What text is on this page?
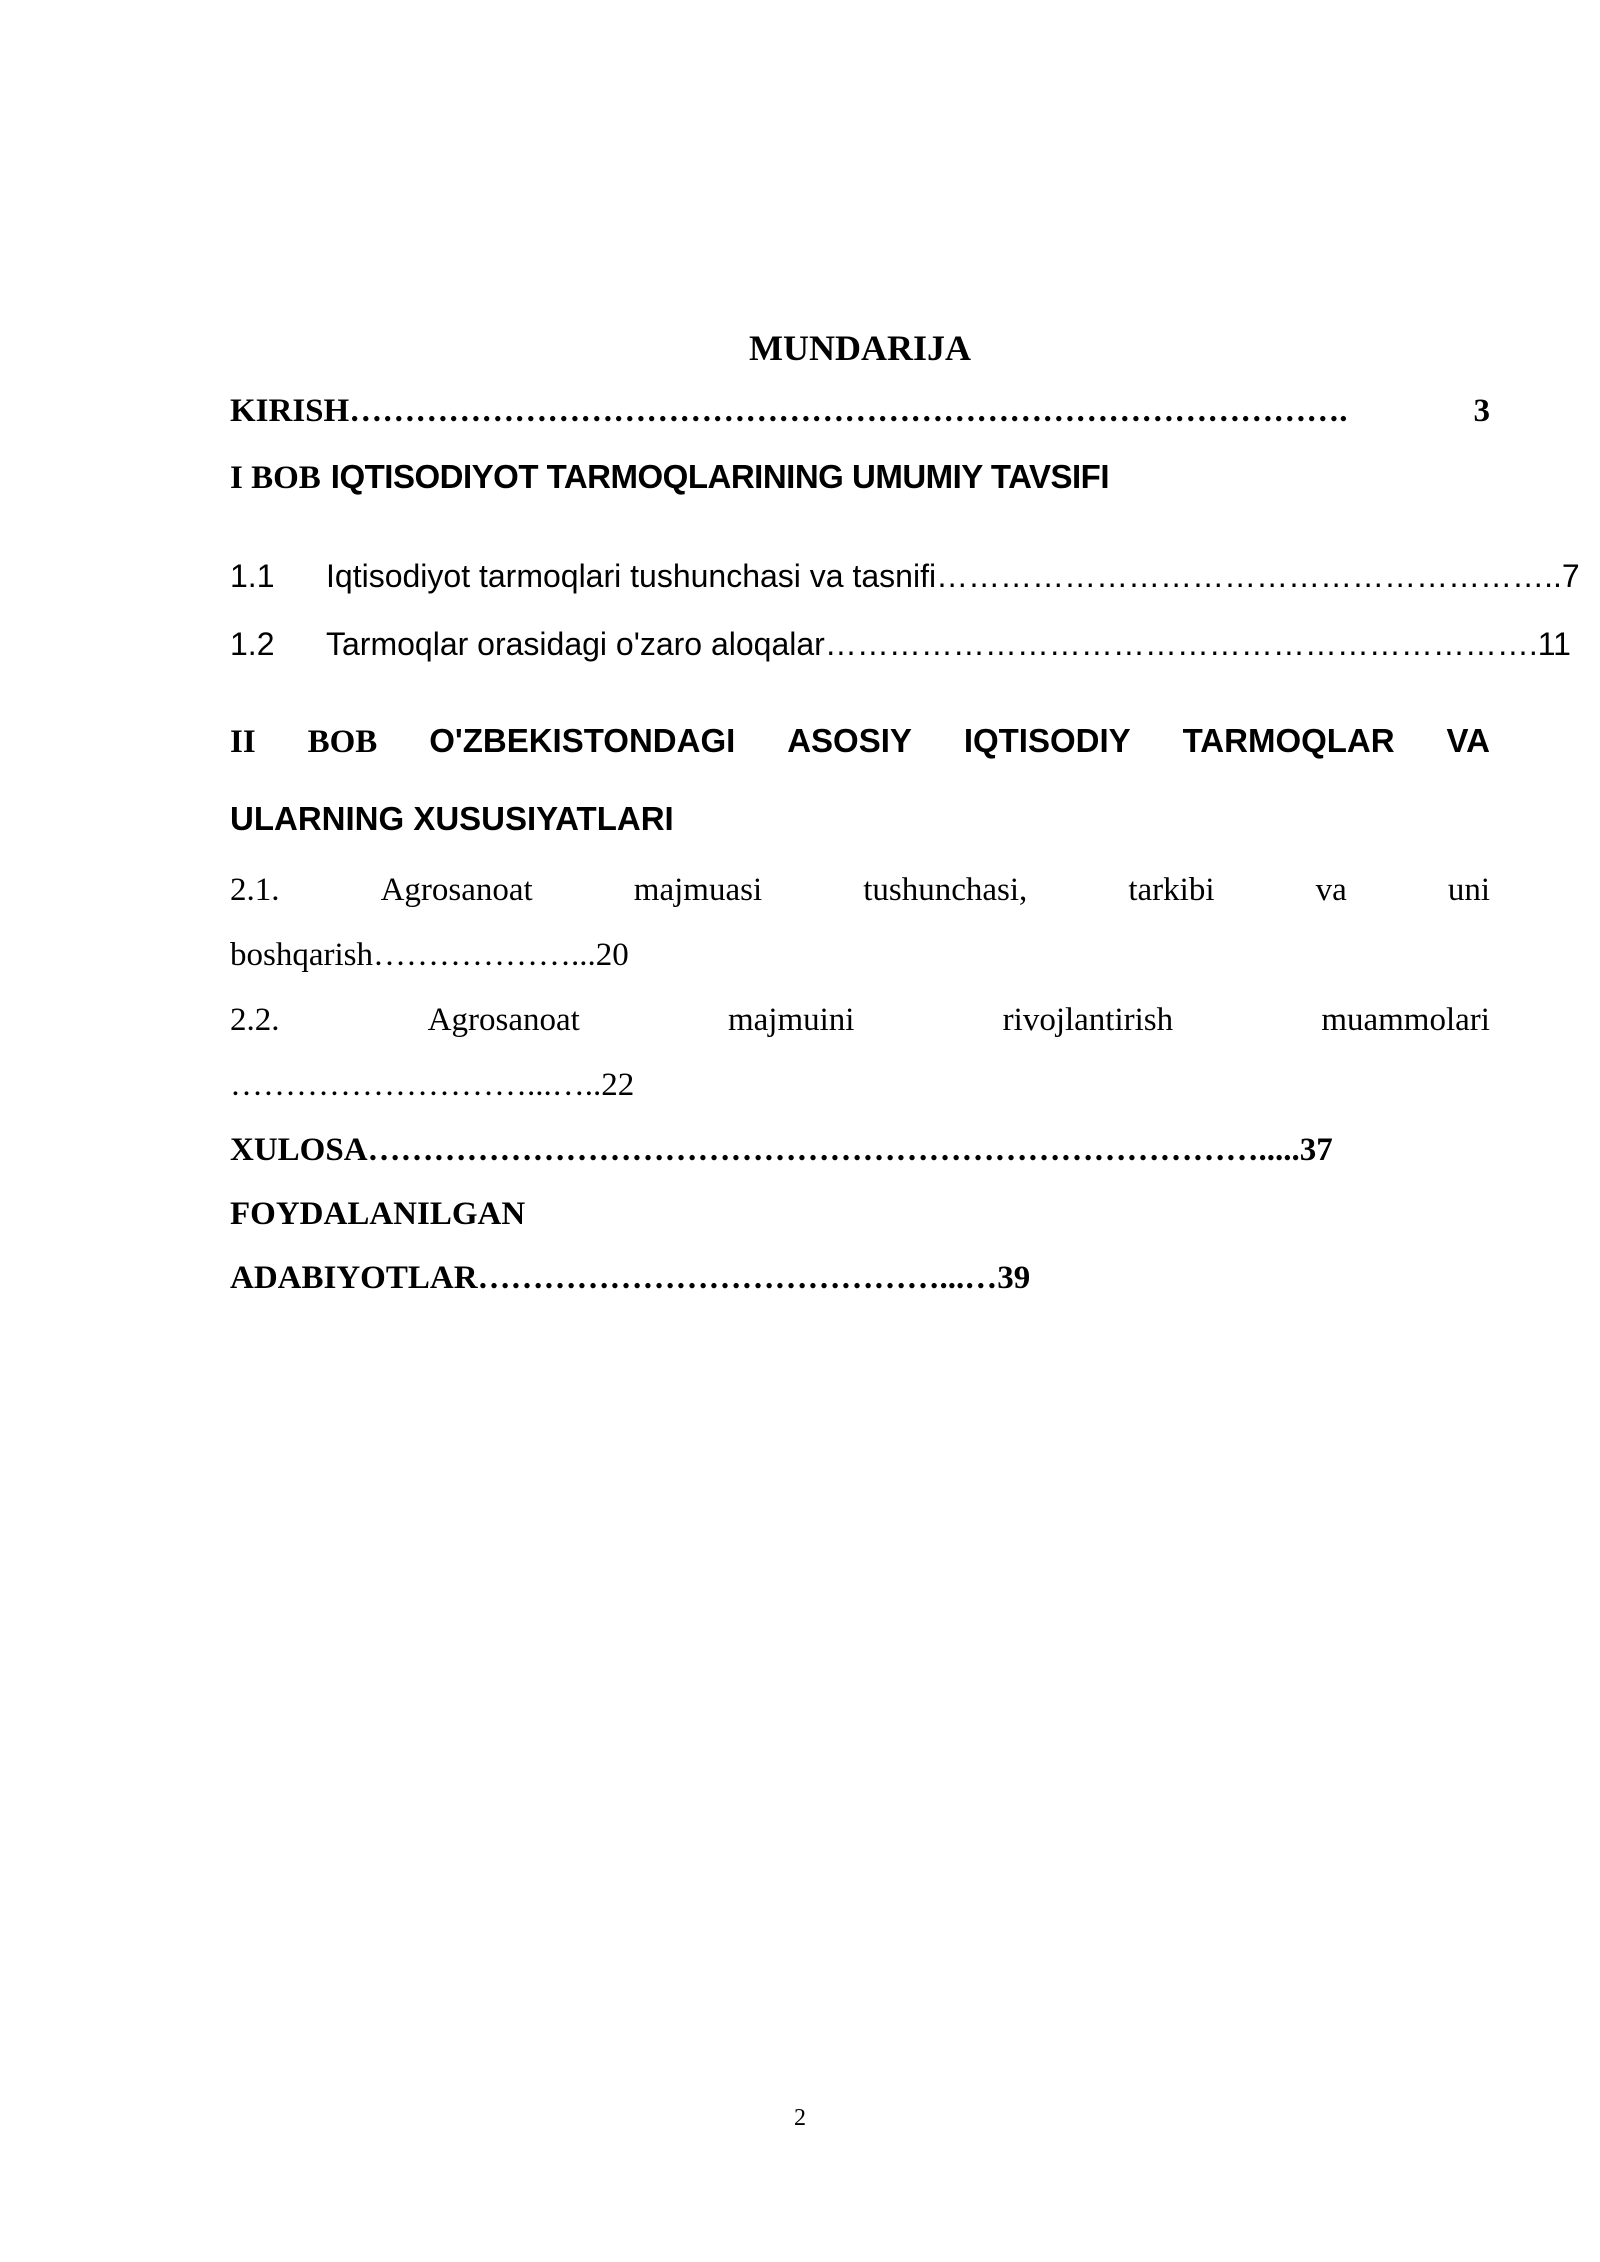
MUNDARIJA
KIRISH ……………………………………………………………………………….	3
I BOB IQTISODIYOT TARMOQLARINING UMUMIY TAVSIFI
1.1	Iqtisodiyot tarmoqlari tushunchasi va tasnifi ………………………………………………….. 7
1.2	Tarmoqlar orasidagi o'zaro aloqalar …………………………………………………………. 11
II BOB O'ZBEKISTONDAGI ASOSIY IQTISODIY TARMOQLAR VA
ULARNING XUSUSIYATLARI
2.1.	Agrosanoat	majmuasi	tushunchasi,	tarkibi	va	uni
boshqarish………………...20
2.2.	Agrosanoat	majmuini	rivojlantirish	muammolari
………………………...…..22
XULOSA……………………………………………………………………….....37
FOYDALANILGAN
ADABIYOTLAR……………………………………...…39
2
